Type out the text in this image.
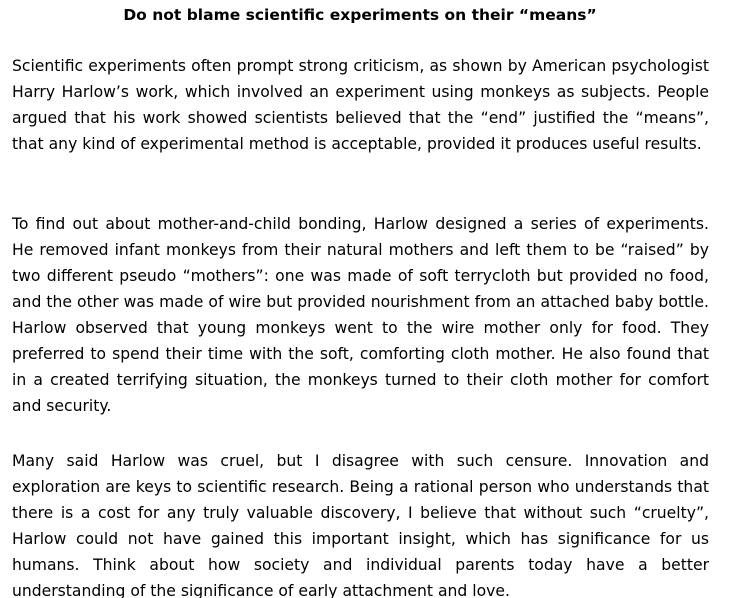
Do not blame scientific experiments on their “means”

Scientific experiments often prompt strong criticism, as shown by American psychologist Harry Harlow’s work, which involved an experiment using monkeys as subjects. People argued that his work showed scientists believed that the “end” justified the “means”, that any kind of experimental method is acceptable, provided it produces useful results.

To find out about mother-and-child bonding, Harlow designed a series of experiments. He removed infant monkeys from their natural mothers and left them to be “raised” by two different pseudo “mothers”: one was made of soft terrycloth but provided no food, and the other was made of wire but provided nourishment from an attached baby bottle. Harlow observed that young monkeys went to the wire mother only for food. They preferred to spend their time with the soft, comforting cloth mother. He also found that in a created terrifying situation, the monkeys turned to their cloth mother for comfort and security.

Many said Harlow was cruel, but I disagree with such censure. Innovation and exploration are keys to scientific research. Being a rational person who understands that there is a cost for any truly valuable discovery, I believe that without such “cruelty”, Harlow could not have gained this important insight, which has significance for us humans. Think about how society and individual parents today have a better understanding of the significance of early attachment and love.
